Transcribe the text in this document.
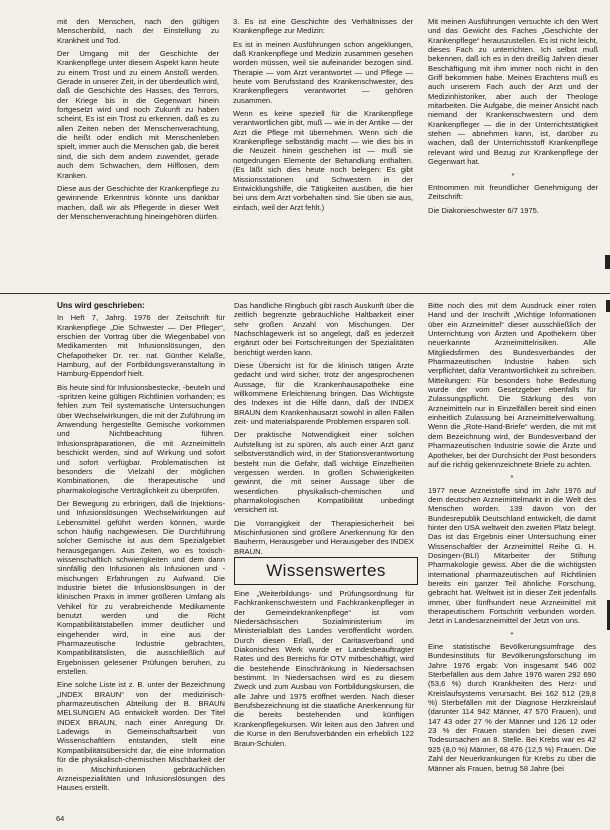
mit den Menschen, nach den gültigen Menschenbild, nach der Einstellung zu Krankheit und Tod.

Der Umgang mit der Geschichte der Krankenpflege unter diesem Aspekt kann heute zu einem Trost und zu einem Anstoß werden. Gerade in unserer Zeit, in der überdeutlich wird, daß die Geschichte des Hasses, des Terrors, der Kriege bis in die Gegenwart hinein fortgesetzt wird und noch Zukunft zu haben scheint, Es ist ein Trost zu erkennen, daß es zu allen Zeiten neben der Menschenverachtung, die heißt oder endlich mit Menschenleben spielt, immer auch die Menschen gab, die bereit sind, die sich dem andern zuwendet, gerade auch dem Schwachen, dem Hilflosen, dem Kranken.

Diese aus der Geschichte der Krankenpflege zu gewinnende Erkenntnis könnte uns dankbar machen, daß wir als Pflegerde in dieser Welt der Menschenverachtung hineingehören dürfen.

3. Es ist eine Geschichte des Verhältnisses der Krankenpflege zur Medizin:

Es ist in meinen Ausführungen schon angeklungen, daß Krankenpflege und Medizin zusammen gesehen worden müssen, weil sie aufeinander bezogen sind. Therapie — vom Arzt verantwortet — und Pflege — heute vom Berufsstand des Krankenschwester, des Krankenpflegers verantwortet — gehören zusammen.

Wenn es keine speziell für die Krankenpflege verantwortlichen gibt, muß — wie in der Antike — der Arzt die Pflege mit übernehmen. Wenn sich die Krankenpflege selbständig macht — wie dies bis in die Neuzeit hinein geschehen ist — muß sie notgedrungen Elemente der Behandlung enthalten. (Es läßt sich dies heute noch belegen: Es gibt Missionsstationen und Schwestern in der Entwicklungshilfe, die Tätigkeiten ausüben, die hier bei uns dem Arzt vorbehalten sind. Sie üben sie aus, einfach, weil der Arzt fehlt.)

Mit meinen Ausführungen versuchte ich den Wert und das Gewicht des Faches „Geschichte der Krankenpflege“ herauszustellen. Es ist nicht leicht, dieses Fach zu unterrichten. Ich selbst muß bekennen, daß ich es in den dreißig Jahren dieser Beschäftigung mit ihm immer noch nicht in den Griff bekommen habe. Meines Erachtens muß es auch unserem Fach auch der Arzt und der Medizinhistoriker, aber auch der Theologe mitarbeiten. Die Aufgabe, die meiner Ansicht nach niemand der Krankenschwestern und dem Krankenpfleger — die in der Unterrichtstätigkeit stehen — abnehmen kann, ist, darüber zu wachen, daß der Unterrichtsstoff Krankenpflege relevant wird und Bezug zur Krankenpflege der Gegenwart hat.

*

Entnommen mit freundlicher Genehmigung der Zeitschrift:

Die Diakonieschwester 6/7 1975.

Uns wird geschrieben:

In Heft 7, Jahrg. 1976 der Zeitschrift für Krankenpflege „Die Schwester — Der Pfleger“, erschien der Vortrag über die Wiegenbabel von Medikamenten mit Infusionslösungen, den Chefapotheker Dr. rer. nat. Günther Kelaße, Hamburg, auf der Fortbildungsveranstaltung in Hamburg-Eppendorf hielt.

Bis heute sind für Infusionsbestecke, -beuteln und -spritzen keine gültigen Richtlinien vorhanden; es fehlen zum Teil systematische Untersuchungen über Wechselwirkungen, die mit der Zuführung im Anwendung hergestellte Gemische vorkommen und Nichtbeachtung führen. Infusionspräparationen, die mit Arzneimitteln beschickt werden, sind auf Wirkung und sofort und sofort verfügbar. Problematischen ist besonders die Vielzahl der möglichen Kombinationen, die therapeutische und pharmakologische Verträglichkeit zu überprüfen.

Der Bewegung zu erbringen, daß die Injektions- und Infusionslösungen Wechselwirkungen auf Lebensmittel geführt werden können, wurde schon häufig nachgewiesen. Die Durchführung solcher Gemische ist aus dem Spezialgebiet herausgegangen. Aus Zeiten, wo es toxisch-wissenschaftlich schwierigkeiten und dem dann sinnfällig den Infusionen als Infusionen und -mischungen Erfahrungen zu Aufwand. Die Industrie bietet die Infusionslösungen in der klinischen Praxis in immer größeren Umfang als Vehikel für zu verabreichende Medikamente benutzt werden und die Richt Kompatibilitätstabellen immer deutlicher und eingehender wird, in eine aus der Pharmazeutische Industrie gebrachten, Kompatibilitätslisten, die ausschließlich auf Ergebnissen gelesener Prüfungen beruhen, zu erstellen.

Eine solche Liste ist z. B. unter der Bezeichnung „INDEX BRAUN“ von der medizinisch-pharmazeutischen Abteilung der B. BRAUN MELSUNGEN AG entwickelt worden. Der Titel INDEX BRAUN, nach einer Anregung Dr. Ladewigs in Gemeinschaftsarbeit von Wissenschaftlern entstanden, stellt eine Kompatibilitätsübersicht dar, die eine Information für die physikalisch-chemischen Mischbarkeit der in Mischinfusionen gebräuchlichen Arzneispezialitäten und Infusionslösungen des Hauses erstellt.

Das handliche Ringbuch gibt rasch Auskunft über die zeitlich begrenzte gebräuchliche Haltbarkeit einer sehr großen Anzahl von Mischungen. Der Nachschlagewerk ist so angelegt, daß es jederzeit ergänzt oder bei Fortschreitungen der Spezialitäten berichtigt werden kann.

Diese Übersicht ist für die klinisch tätigen Ärzte gedacht und wird sicher, trotz der angesprochenen Aussage, für die Krankenhausapotheke eine willkommene Erleichterung bringen. Das Wichtigste des Indexes ist die Hilfe dann, daß der INDEX BRAUN dem Krankenhausarzt sowohl in allen Fällen zeit- und materialsparende Problemen ersparen soll.

Der praktische Notwendigkeit einer solchen Aufstellung ist zu spüren, als auch einer Arzt ganz selbstverständlich wird, in der Stationsverantwortung besteht nun die Gefahr, daß wichtige Einzelheiten vergessen werden. In großen Schwierigkeiten gewinnt, die mit seiner Aussage über die wesentlichen physikalisch-chemischen und pharmakologischen Kompatibilität unbedingt versichert ist.

Die Vorrangigkeit der Therapiesicherheit bei Mischinfusionen sind größere Anerkennung für den Bauherrn, Herausgeber und Herausgeber des INDEX BRAUN.

Wissenswertes

Eine „Weiterbildungs- und Prüfungsordnung für Fachkrankenschwestern und Fachkrankenpfleger in der Gemeindekrankenpflege“ ist vom Niedersächsischen Sozialministerium im Ministerialblatt des Landes veröffentlicht worden. Durch diesen Erlaß, der Caritasverband und Diakonisches Werk wurde er Landesbeauftragter Rates und des Bereichs für OTV mitbeschäftigt, wird die bestehende Einschränkung in Niedersachsen bestimmt. In Niedersachsen wird es zu diesem Zweck und zum Ausbau von Fortbildungskursen, die alle Jahre und 1975 eröffnet werden. Nach dieser Berufsbezeichnung ist die staatliche Anerkennung für die bereits bestehenden und künftigen Krankenpflegekursen. Wir leiten aus den Jahren und die Kurse in den Berufsverbänden ein erheblich 122 Braun-Schulen.

Bitte noch dies mit dem Ausdruck einer roten Hand und der Inschrift „Wichtige Informationen über ein Arzneimittel“ dieser ausschließlich der Unterrichtung von Ärzten und Apothekern über neuerkannte Arzneimittelrisiken. Alle Mitgliedsfirmen des Bundesverbandes der Pharmazeutischen Industrie haben sich verpflichtet, dafür Verantwortlichkeit zu schreiben. Mitteilungen: Für besonders hohe Bedeutung wurde der vom Gesetzgeber ebenfalls für Zulassungspflicht. Die Stärkung des von Arzneimitteln nur in Einzelfällen bereit sind einen einheitlich Zulassung bei Arzneimittelverwaltung. Wenn die „Rote-Hand-Briefe“ werden, die mit mit dem Bezeichnung wird, der Bundesverband der Pharmazeutischen Industrie sowie die Ärzte und Apotheker, bei der Durchsicht der Post besonders auf die richtig gekennzeichnete Briefe zu achten.

*

1977 neue Arzneistoffe sind im Jahr 1976 auf dem deutschen Arzneimittelmarkt in die Welt des Menschen worden. 139 davon von der Bundesrepublik Deutschland entwickelt, die damit hinter den USA weltweit den zweiten Platz belegt. Das ist das Ergebnis einer Untersuchung einer Wissenschaftler der Arzneimittel Reihe G. H. Dosingen-(BLI) Mitarbeiter der Stiftung Pharmakologie gewiss. Aber die die wichtigsten international pharmazeutischen auf Richtlinien bereits ein ganzer Teil ähnliche Forschung, gebracht hat. Weltweit ist in dieser Zeit jedenfalls immer, über fünfhundert neue Arzneimittel mit therapeutischem Fortschritt verbunden worden. Jetzt in Landesarzneimittel der Jetzt von uns.

*

Eine statistische Bevölkerungsumfrage des Bundesinstituts für Bevölkerungsforschung im Jahre 1976 ergab: Von insgesamt 546 002 Sterbefällen aus dem Jahre 1976 waren 292 690 (53,6 %) durch Krankheiten des Herz- und Kreislaufsystems verursacht. Bei 162 512 (29,8 %) Sterbefällen mit der Diagnose Herzkreislauf (darunter 114 942 Männer, 47 570 Frauen), und 147 43 oder 27 % der Männer und 126 12 oder 23 % der Frauen standen bei diesen zwei Todesursachen an 8. Stelle. Bei Krebs war es 42 925 (8,0 %) Männer, 68 476 (12,5 %) Frauen. Die Zahl der Neuerkrankungen für Krebs zu über die Männer als Frauen, betrug 58 Jahre (bei

64
